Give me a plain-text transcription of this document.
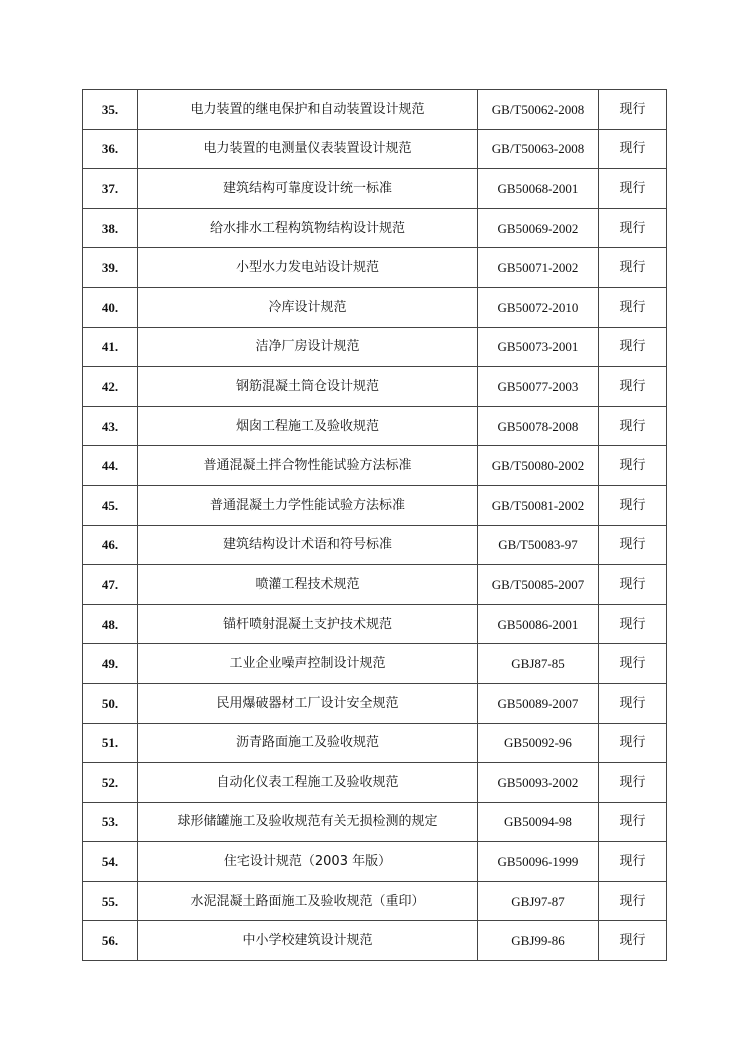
35.	电力装置的继电保护和自动装置设计规范	GB/T50062-2008	现行
36.	电力装置的电测量仪表装置设计规范	GB/T50063-2008	现行
37.	建筑结构可靠度设计统一标准	GB50068-2001	现行
38.	给水排水工程构筑物结构设计规范	GB50069-2002	现行
39.	小型水力发电站设计规范	GB50071-2002	现行
40.	冷库设计规范	GB50072-2010	现行
41.	洁净厂房设计规范	GB50073-2001	现行
42.	钢筋混凝土筒仓设计规范	GB50077-2003	现行
43.	烟囱工程施工及验收规范	GB50078-2008	现行
44.	普通混凝土拌合物性能试验方法标准	GB/T50080-2002	现行
45.	普通混凝土力学性能试验方法标准	GB/T50081-2002	现行
46.	建筑结构设计术语和符号标准	GB/T50083-97	现行
47.	喷灌工程技术规范	GB/T50085-2007	现行
48.	锚杆喷射混凝土支护技术规范	GB50086-2001	现行
49.	工业企业噪声控制设计规范	GBJ87-85	现行
50.	民用爆破器材工厂设计安全规范	GB50089-2007	现行
51.	沥青路面施工及验收规范	GB50092-96	现行
52.	自动化仪表工程施工及验收规范	GB50093-2002	现行
53.	球形储罐施工及验收规范有关无损检测的规定	GB50094-98	现行
54.	住宅设计规范（2003 年版）	GB50096-1999	现行
55.	水泥混凝土路面施工及验收规范（重印）	GBJ97-87	现行
56.	中小学校建筑设计规范	GBJ99-86	现行
